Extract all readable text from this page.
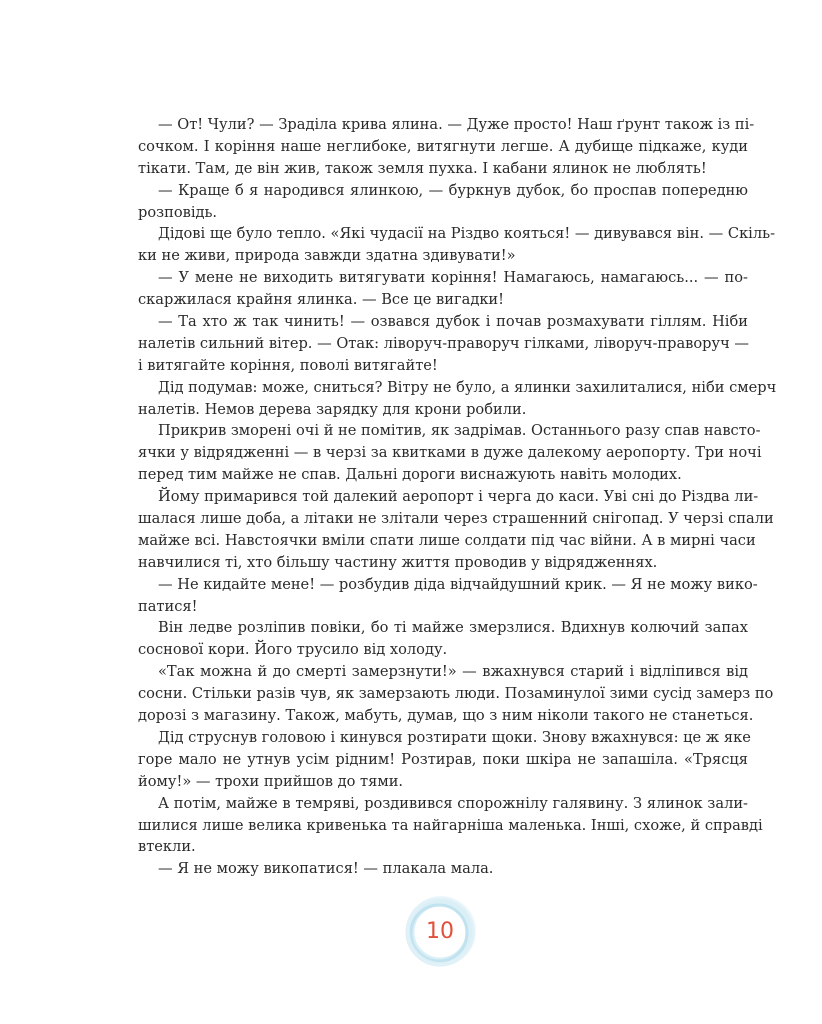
— От! Чули? — Зраділа крива ялина. — Дуже просто! Наш ґрунт також із пі-
сочком. І коріння наше неглибоке, витягнути легше. А дубище підкаже, куди
тікати. Там, де він жив, також земля пухка. І кабани ялинок не люблять!
— Краще б я народився ялинкою, — буркнув дубок, бо проспав попередню
розповідь.
Дідові ще було тепло. «Які чудасії на Різдво кояться! — дивувався він. — Скіль-
ки не живи, природа завжди здатна здивувати!»
— У мене не виходить витягувати коріння! Намагаюсь, намагаюсь... — по-
скаржилася крайня ялинка. — Все це вигадки!
— Та хто ж так чинить! — озвався дубок і почав розмахувати гіллям. Ніби
налетів сильний вітер. — Отак: ліворуч-праворуч гілками, ліворуч-праворуч —
і витягайте коріння, поволі витягайте!
Дід подумав: може, сниться? Вітру не було, а ялинки захилиталися, ніби смерч
налетів. Немов дерева зарядку для крони робили.
Прикрив зморені очі й не помітив, як задрімав. Останнього разу спав навсто-
ячки у відрядженні — в черзі за квитками в дуже далекому аеропорту. Три ночі
перед тим майже не спав. Дальні дороги виснажують навіть молодих.
Йому примарився той далекий аеропорт і черга до каси. Уві сні до Різдва ли-
шалася лише доба, а літаки не злітали через страшенний снігопад. У черзі спали
майже всі. Навстоячки вміли спати лише солдати під час війни. А в мирні часи
навчилися ті, хто більшу частину життя проводив у відрядженнях.
— Не кидайте мене! — розбудив діда відчайдушний крик. — Я не можу вико-
патися!
Він ледве розліпив повіки, бо ті майже змерзлися. Вдихнув колючий запах
соснової кори. Його трусило від холоду.
«Так можна й до смерті замерзнути!» — вжахнувся старий і відліпився від
сосни. Стільки разів чув, як замерзають люди. Позаминулої зими сусід замерз по
дорозі з магазину. Також, мабуть, думав, що з ним ніколи такого не станеться.
Дід струснув головою і кинувся розтирати щоки. Знову вжахнувся: це ж яке
горе мало не утнув усім рідним! Розтирав, поки шкіра не запашіла. «Трясця
йому!» — трохи прийшов до тями.
А потім, майже в темряві, роздивився спорожнілу галявину. З ялинок зали-
шилися лише велика кривенька та найгарніша маленька. Інші, схоже, й справді
втекли.
— Я не можу викопатися! — плакала мала.
10
